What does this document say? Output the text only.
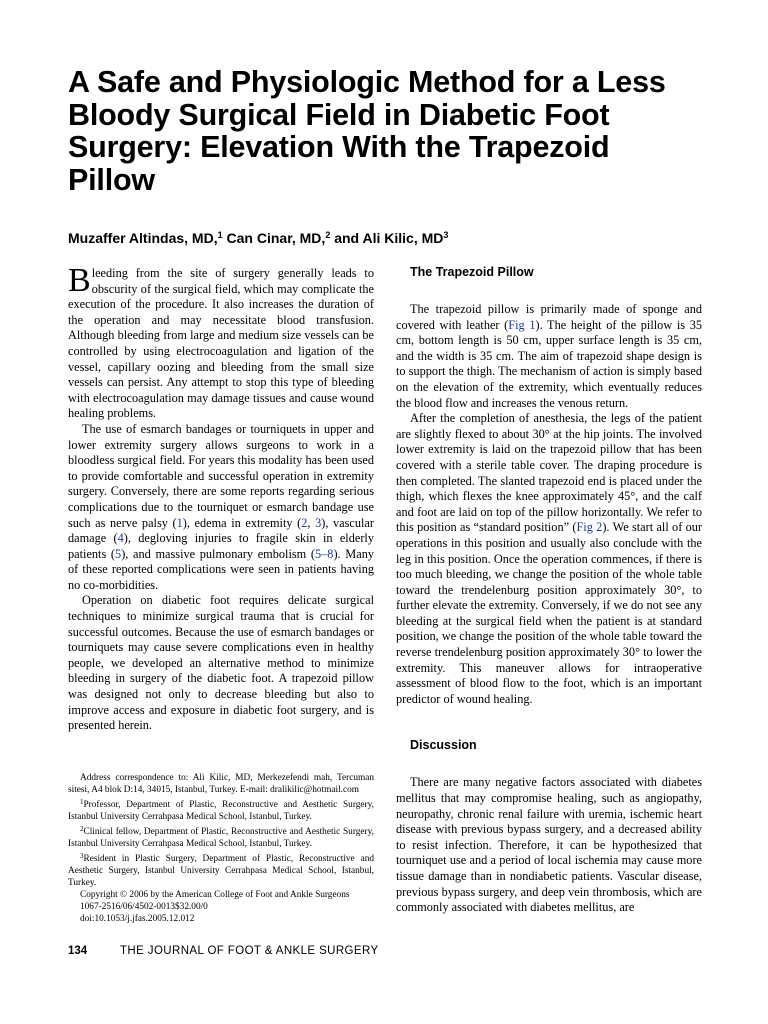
A Safe and Physiologic Method for a Less Bloody Surgical Field in Diabetic Foot Surgery: Elevation With the Trapezoid Pillow
Muzaffer Altindas, MD,$^1$ Can Cinar, MD,$^2$ and Ali Kilic, $MD^3$

Bleeding from the site of surgery generally leads to obscurity of the surgical field, which may complicate the execution of the procedure. It also increases the duration of the operation and may necessitate blood transfusion. Although bleeding from large and medium size vessels can be controlled by using electrocoagulation and ligation of the vessel, capillary oozing and bleeding from the small size vessels can persist. Any attempt to stop this type of bleeding with electrocoagulation may damage tissues and cause wound healing problems.

The use of esmarch bandages or tourniquets in upper and lower extremity surgery allows surgeons to work in a bloodless surgical field. For years this modality has been used to provide comfortable and successful operation in extremity surgery. Conversely, there are some reports regarding serious complications due to the tourniquet or esmarch bandage use such as nerve palsy (1), edema in extremity (2, 3), vascular damage (4), degloving injuries to fragile skin in elderly patients (5), and massive pulmonary embolism (5–8). Many of these reported complications were seen in patients having no co-morbidities.

Operation on diabetic foot requires delicate surgical techniques to minimize surgical trauma that is crucial for successful outcomes. Because the use of esmarch bandages or tourniquets may cause severe complications even in healthy people, we developed an alternative method to minimize bleeding in surgery of the diabetic foot. A trapezoid pillow was designed not only to decrease bleeding but also to improve access and exposure in diabetic foot surgery, and is presented herein.

Address correspondence to: Ali Kilic, MD, Merkezefendi mah, Tercuman sitesi, A4 blok D:14, 34015, Istanbul, Turkey. E-mail: dralikilic@hotmail.com

$^1$Professor, Department of Plastic, Reconstructive and Aesthetic Surgery, Istanbul University Cerrahpasa Medical School, Istanbul, Turkey.

$^2$Clinical fellow, Department of Plastic, Reconstructive and Aesthetic Surgery, Istanbul University Cerrahpasa Medical School, Istanbul, Turkey.

$^3$Resident in Plastic Surgery, Department of Plastic, Reconstructive and Aesthetic Surgery, Istanbul University Cerrahpasa Medical School, Istanbul, Turkey.

Copyright © 2006 by the American College of Foot and Ankle Surgeons

1067-2516/06/4502-0013$32.00/0

doi:10.1053/j.jfas.2005.12.012

The Trapezoid Pillow

The trapezoid pillow is primarily made of sponge and covered with leather (Fig 1). The height of the pillow is 35 cm, bottom length is 50 cm, upper surface length is 35 cm, and the width is 35 cm. The aim of trapezoid shape design is to support the thigh. The mechanism of action is simply based on the elevation of the extremity, which eventually reduces the blood flow and increases the venous return.

After the completion of anesthesia, the legs of the patient are slightly flexed to about 30° at the hip joints. The involved lower extremity is laid on the trapezoid pillow that has been covered with a sterile table cover. The draping procedure is then completed. The slanted trapezoid end is placed under the thigh, which flexes the knee approximately 45°, and the calf and foot are laid on top of the pillow horizontally. We refer to this position as “standard position” (Fig 2). We start all of our operations in this position and usually also conclude with the leg in this position. Once the operation commences, if there is too much bleeding, we change the position of the whole table toward the trendelenburg position approximately 30°, to further elevate the extremity. Conversely, if we do not see any bleeding at the surgical field when the patient is at standard position, we change the position of the whole table toward the reverse trendelenburg position approximately 30° to lower the extremity. This maneuver allows for intraoperative assessment of blood flow to the foot, which is an important predictor of wound healing.

Discussion

There are many negative factors associated with diabetes mellitus that may compromise healing, such as angiopathy, neuropathy, chronic renal failure with uremia, ischemic heart disease with previous bypass surgery, and a decreased ability to resist infection. Therefore, it can be hypothesized that tourniquet use and a period of local ischemia may cause more tissue damage than in nondiabetic patients. Vascular disease, previous bypass surgery, and deep vein thrombosis, which are commonly associated with diabetes mellitus, are

134	THE JOURNAL OF FOOT & ANKLE SURGERY
